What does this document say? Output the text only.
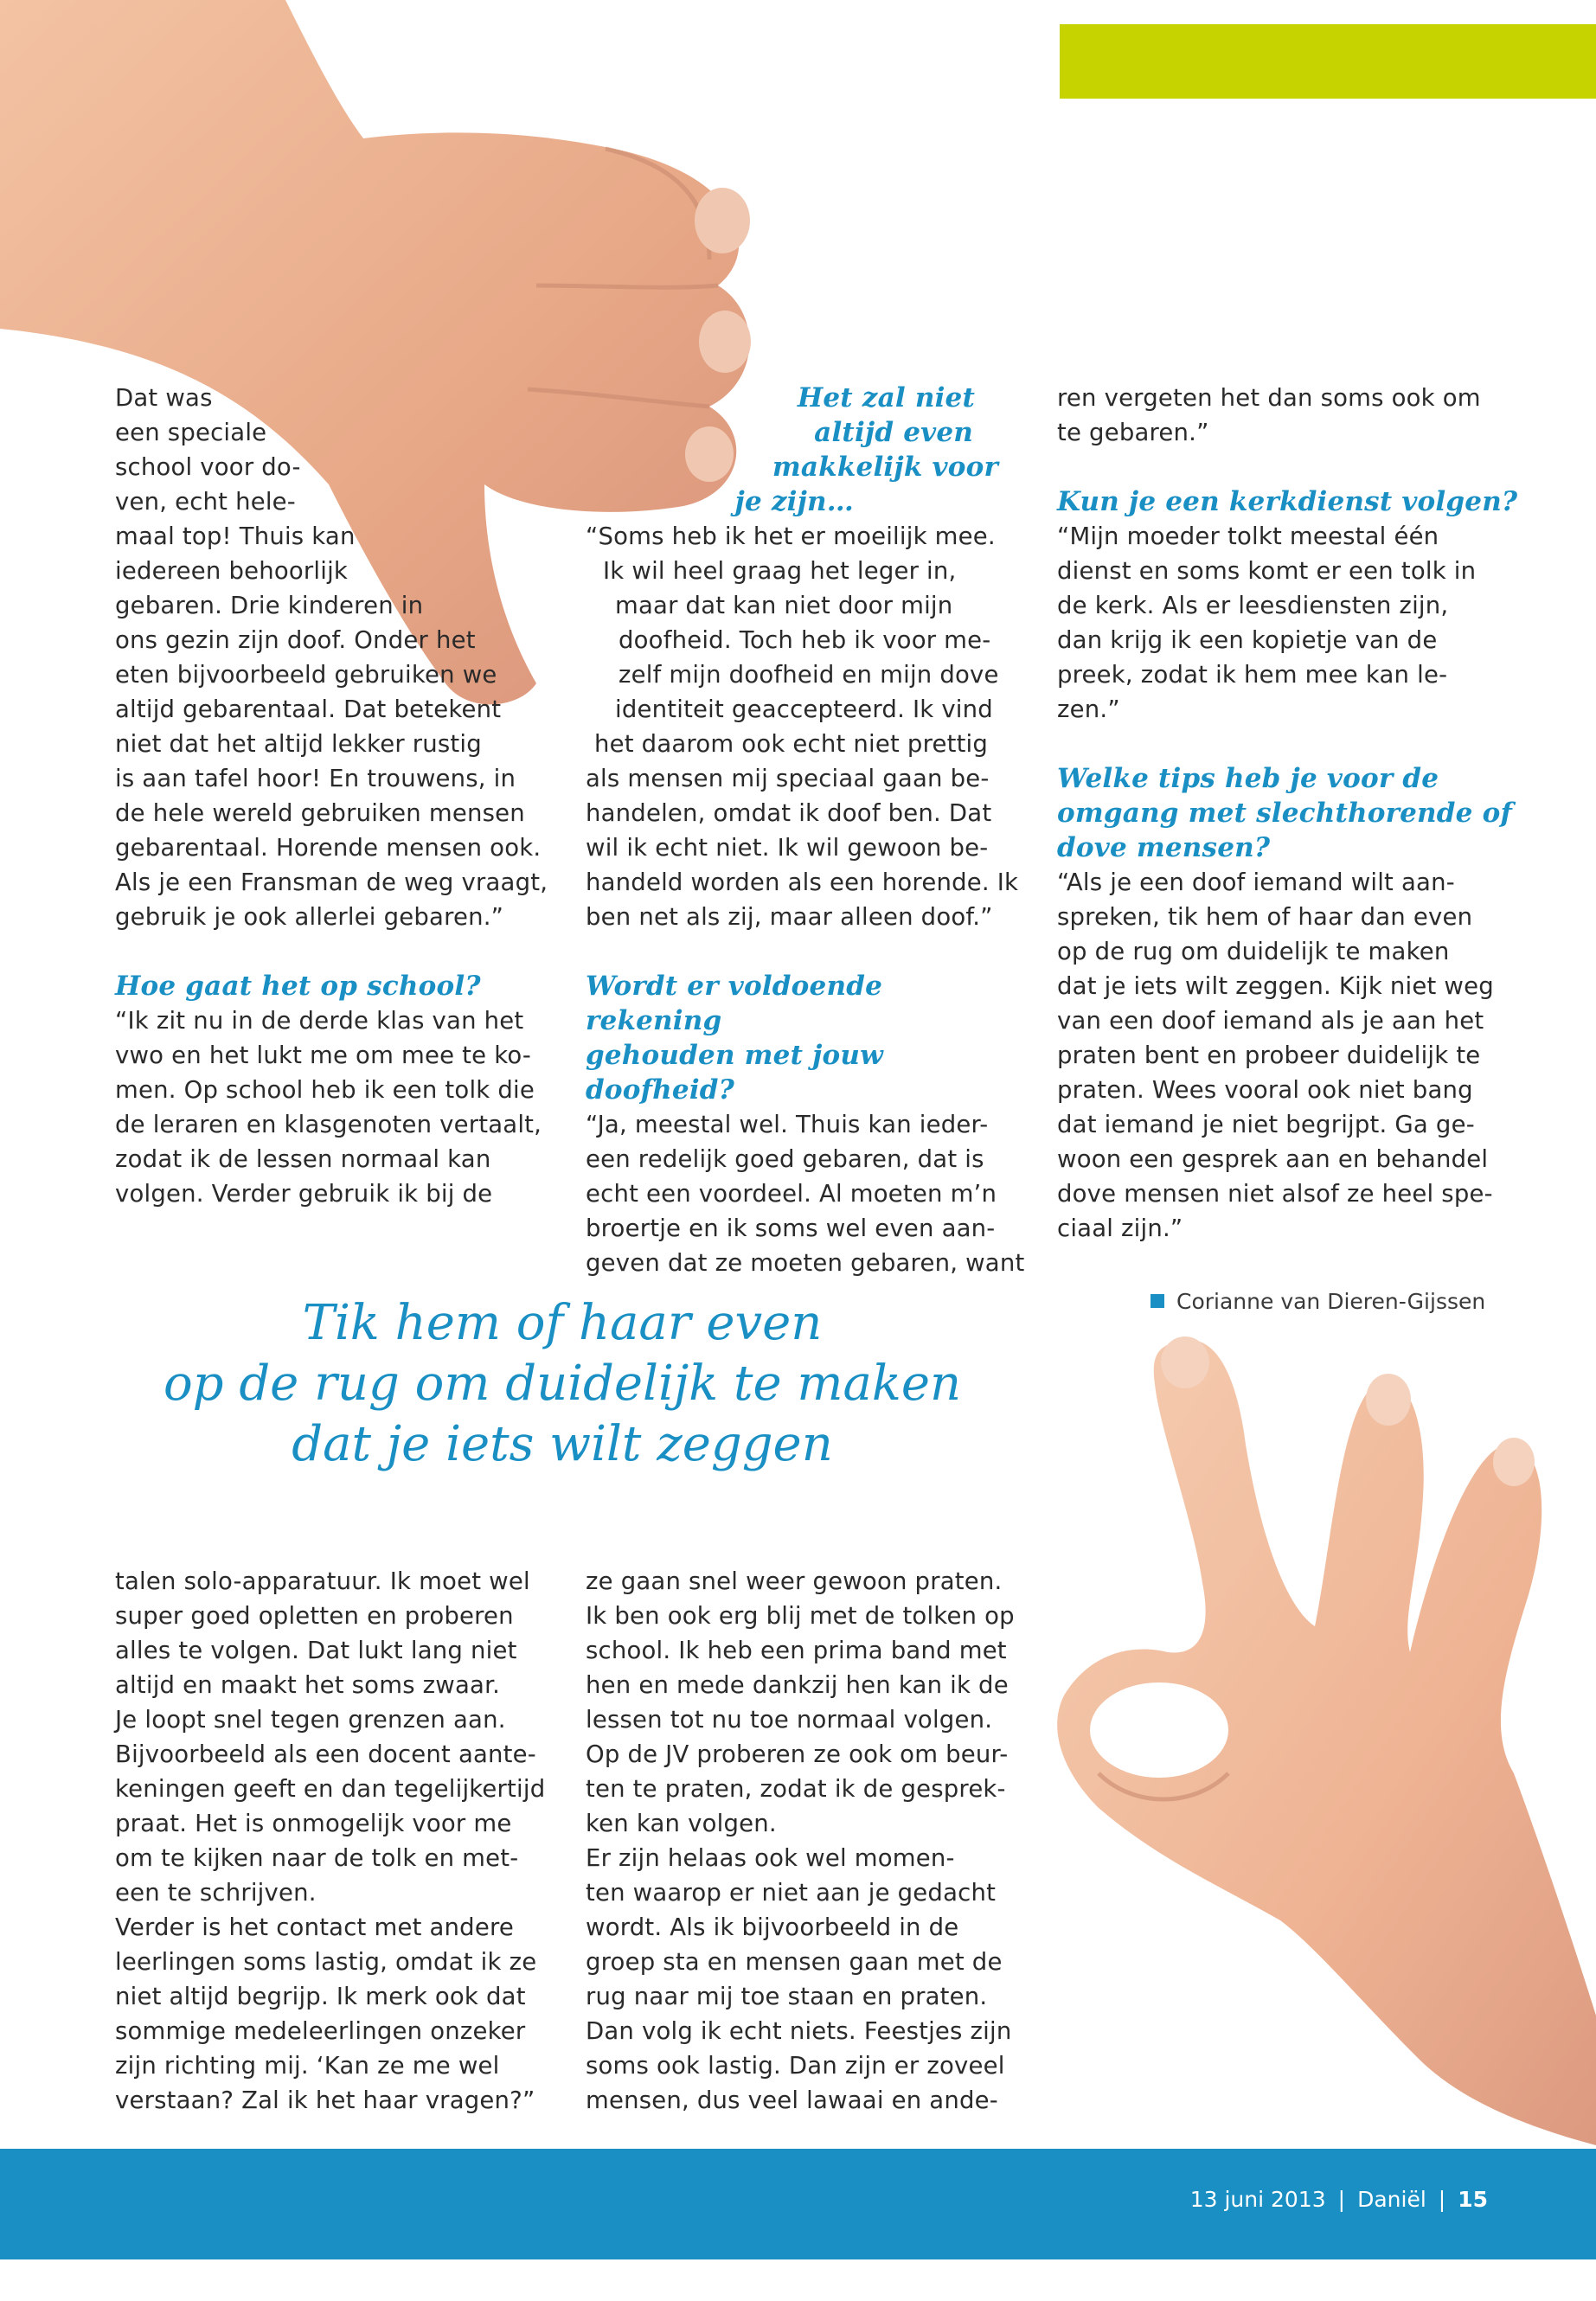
Dat was
een speciale
school voor do-
ven, echt hele-
maal top! Thuis kan
iedereen behoorlijk
gebaren. Drie kinderen in
ons gezin zijn doof. Onder het
eten bijvoorbeeld gebruiken we
altijd gebarentaal. Dat betekent
niet dat het altijd lekker rustig
is aan tafel hoor! En trouwens, in
de hele wereld gebruiken mensen
gebarentaal. Horende mensen ook.
Als je een Fransman de weg vraagt,
gebruik je ook allerlei gebaren.”
Hoe gaat het op school?
“Ik zit nu in de derde klas van het
vwo en het lukt me om mee te ko-
men. Op school heb ik een tolk die
de leraren en klasgenoten vertaalt,
zodat ik de lessen normaal kan
volgen. Verder gebruik ik bij de
Het zal niet
altijd even
makkelijk voor
je zijn…
“Soms heb ik het er moeilijk mee.
Ik wil heel graag het leger in,
maar dat kan niet door mijn
doofheid. Toch heb ik voor me-
zelf mijn doofheid en mijn dove
identiteit geaccepteerd. Ik vind
het daarom ook echt niet prettig
als mensen mij speciaal gaan be-
handelen, omdat ik doof ben. Dat
wil ik echt niet. Ik wil gewoon be-
handeld worden als een horende. Ik
ben net als zij, maar alleen doof.”
Wordt er voldoende rekening
gehouden met jouw doofheid?
“Ja, meestal wel. Thuis kan ieder-
een redelijk goed gebaren, dat is
echt een voordeel. Al moeten m’n
broertje en ik soms wel even aan-
geven dat ze moeten gebaren, want
ren vergeten het dan soms ook om
te gebaren.”
Kun je een kerkdienst volgen?
“Mijn moeder tolkt meestal één
dienst en soms komt er een tolk in
de kerk. Als er leesdiensten zijn,
dan krijg ik een kopietje van de
preek, zodat ik hem mee kan le-
zen.”
Welke tips heb je voor de
omgang met slechthorende of
dove mensen?
“Als je een doof iemand wilt aan-
spreken, tik hem of haar dan even
op de rug om duidelijk te maken
dat je iets wilt zeggen. Kijk niet weg
van een doof iemand als je aan het
praten bent en probeer duidelijk te
praten. Wees vooral ook niet bang
dat iemand je niet begrijpt. Ga ge-
woon een gesprek aan en behandel
dove mensen niet alsof ze heel spe-
ciaal zijn.”
Corianne van Dieren-Gijssen
Tik hem of haar even
op de rug om duidelijk te maken
dat je iets wilt zeggen
talen solo-apparatuur. Ik moet wel
super goed opletten en proberen
alles te volgen. Dat lukt lang niet
altijd en maakt het soms zwaar.
Je loopt snel tegen grenzen aan.
Bijvoorbeeld als een docent aante-
keningen geeft en dan tegelijkertijd
praat. Het is onmogelijk voor me
om te kijken naar de tolk en met-
een te schrijven.
Verder is het contact met andere
leerlingen soms lastig, omdat ik ze
niet altijd begrijp. Ik merk ook dat
sommige medeleerlingen onzeker
zijn richting mij. ‘Kan ze me wel
verstaan? Zal ik het haar vragen?”
ze gaan snel weer gewoon praten.
Ik ben ook erg blij met de tolken op
school. Ik heb een prima band met
hen en mede dankzij hen kan ik de
lessen tot nu toe normaal volgen.
Op de JV proberen ze ook om beur-
ten te praten, zodat ik de gesprek-
ken kan volgen.
Er zijn helaas ook wel momen-
ten waarop er niet aan je gedacht
wordt. Als ik bijvoorbeeld in de
groep sta en mensen gaan met de
rug naar mij toe staan en praten.
Dan volg ik echt niets. Feestjes zijn
soms ook lastig. Dan zijn er zoveel
mensen, dus veel lawaai en ande-
13 juni 2013 | Daniël | 15
